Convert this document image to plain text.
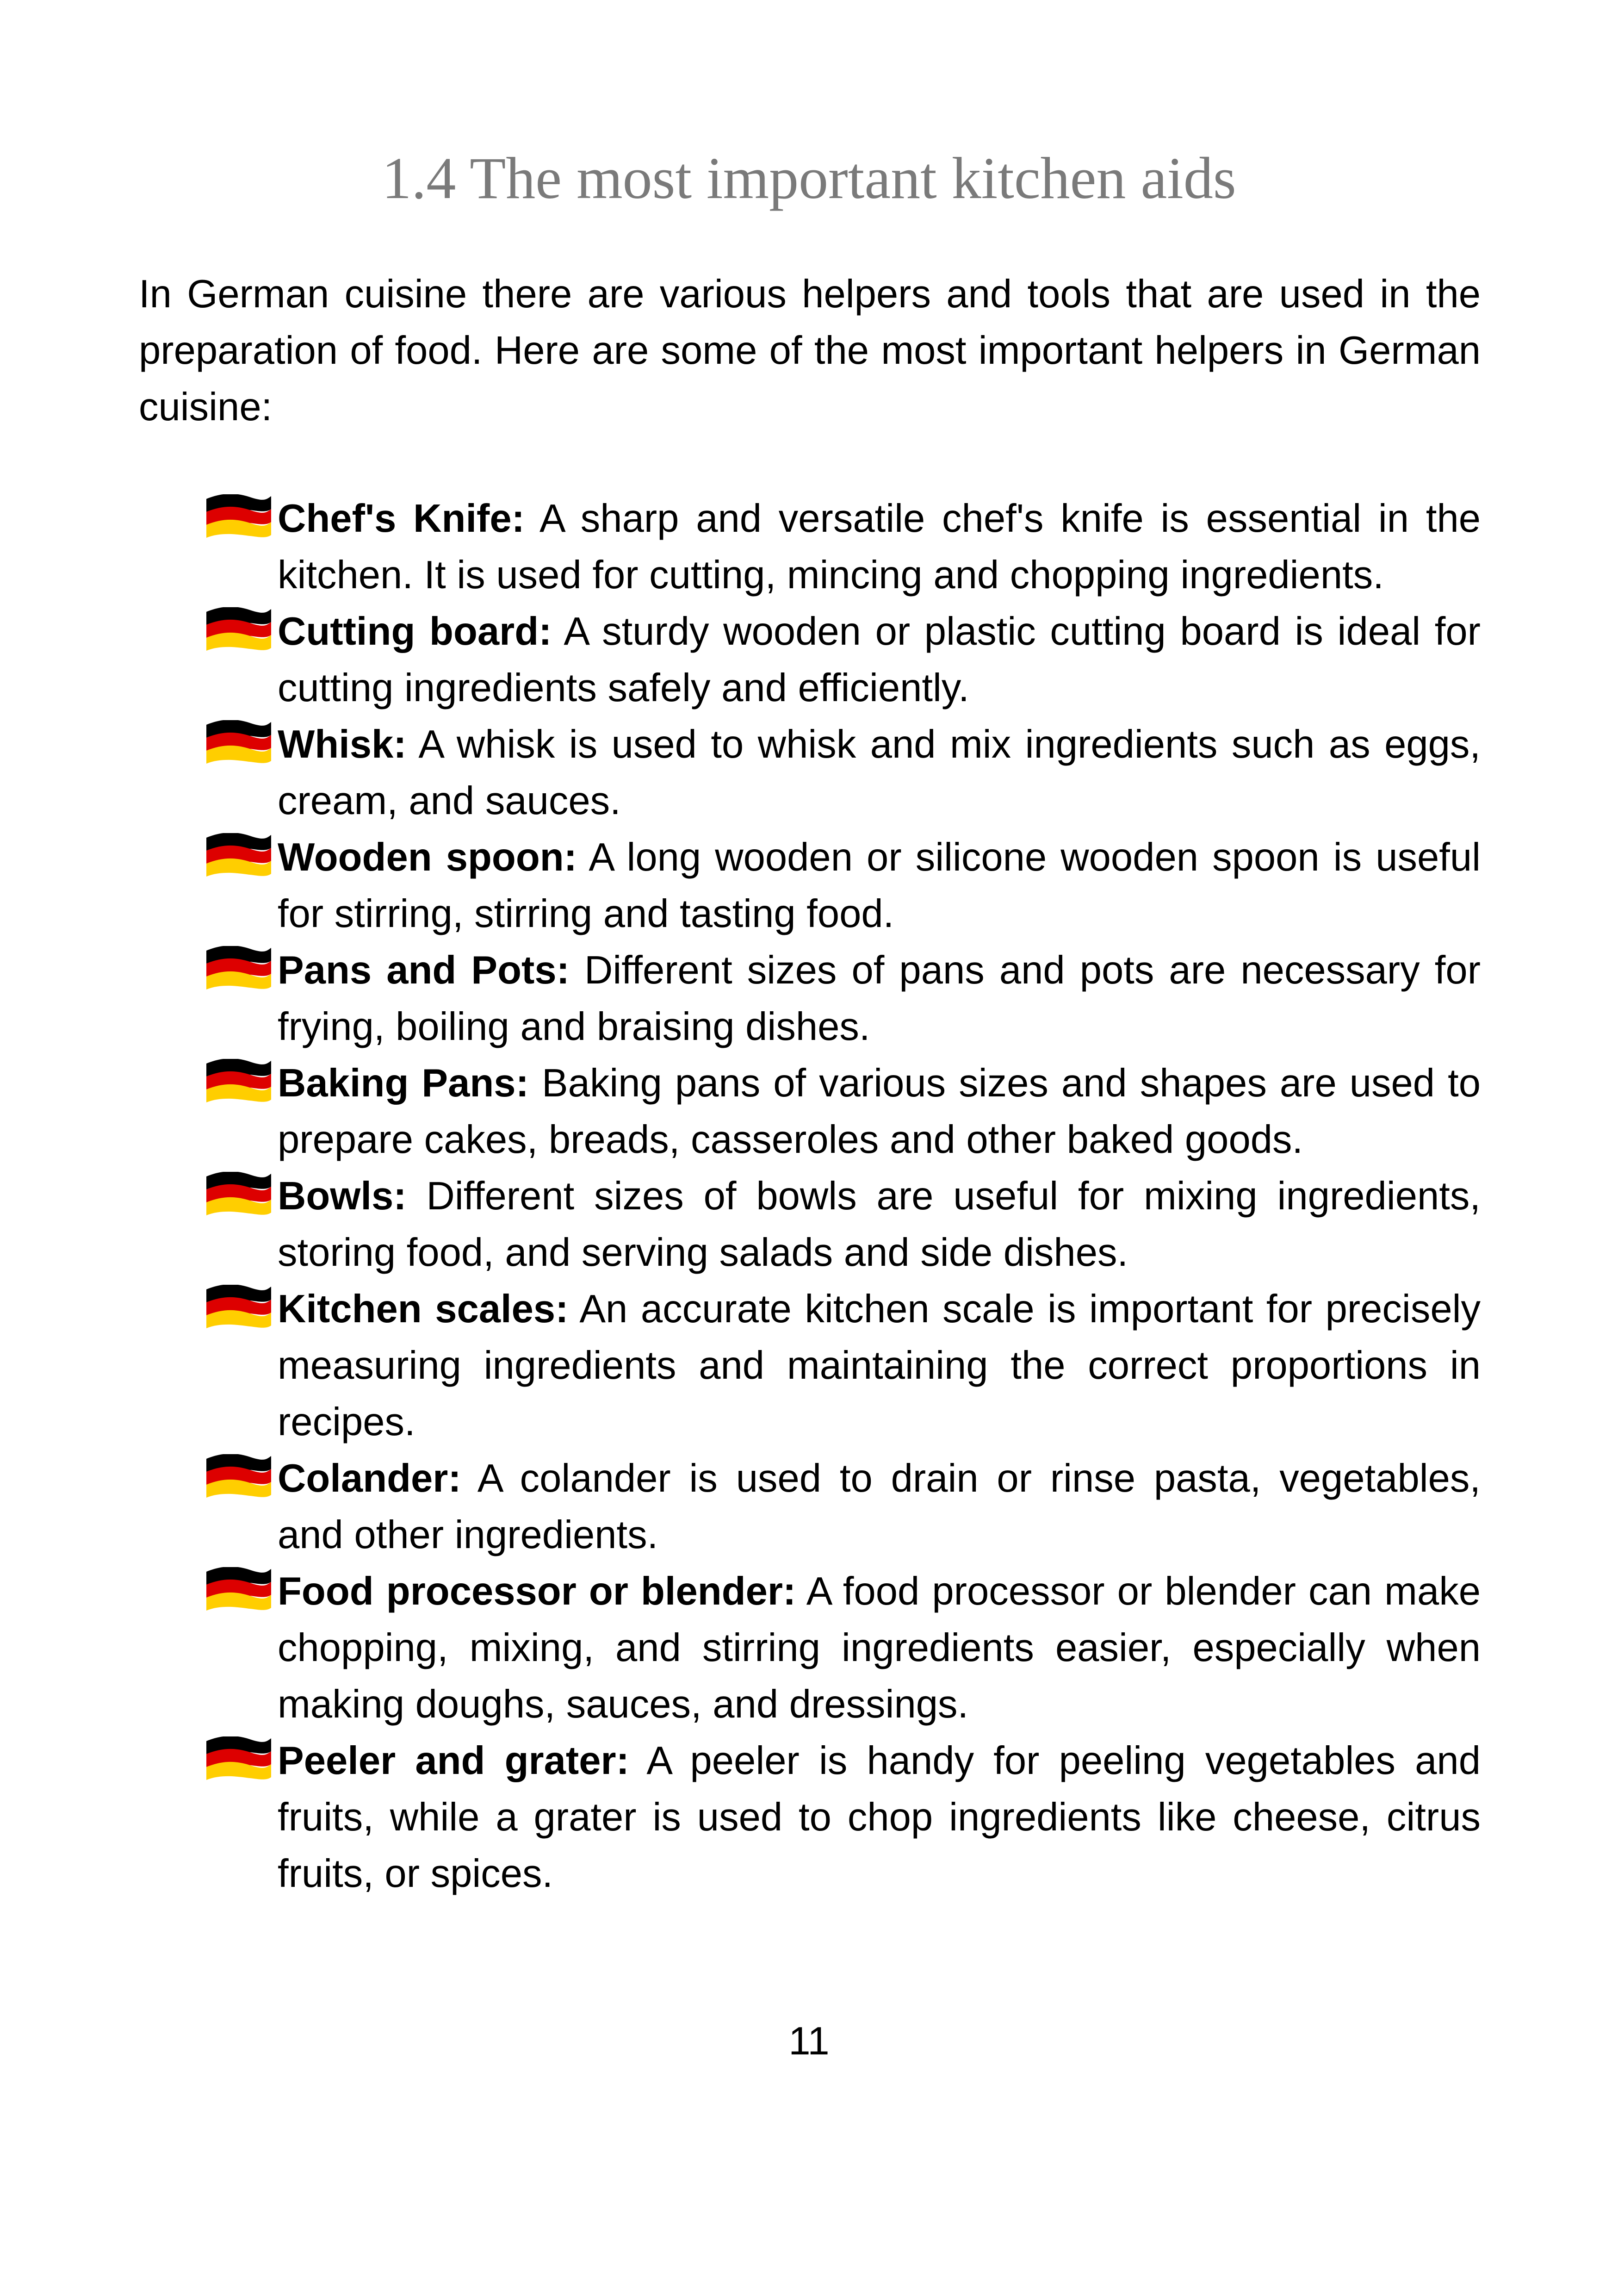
1.4 The most important kitchen aids

In German cuisine there are various helpers and tools that are used in the preparation of food. Here are some of the most important helpers in German cuisine:

Chef's Knife: A sharp and versatile chef's knife is essential in the kitchen. It is used for cutting, mincing and chopping ingredients.
Cutting board: A sturdy wooden or plastic cutting board is ideal for cutting ingredients safely and efficiently.
Whisk: A whisk is used to whisk and mix ingredients such as eggs, cream, and sauces.
Wooden spoon: A long wooden or silicone wooden spoon is useful for stirring, stirring and tasting food.
Pans and Pots: Different sizes of pans and pots are necessary for frying, boiling and braising dishes.
Baking Pans: Baking pans of various sizes and shapes are used to prepare cakes, breads, casseroles and other baked goods.
Bowls: Different sizes of bowls are useful for mixing ingredients, storing food, and serving salads and side dishes.
Kitchen scales: An accurate kitchen scale is important for precisely measuring ingredients and maintaining the correct proportions in recipes.
Colander: A colander is used to drain or rinse pasta, vegetables, and other ingredients.
Food processor or blender: A food processor or blender can make chopping, mixing, and stirring ingredients easier, especially when making doughs, sauces, and dressings.
Peeler and grater: A peeler is handy for peeling vegetables and fruits, while a grater is used to chop ingredients like cheese, citrus fruits, or spices.

11
